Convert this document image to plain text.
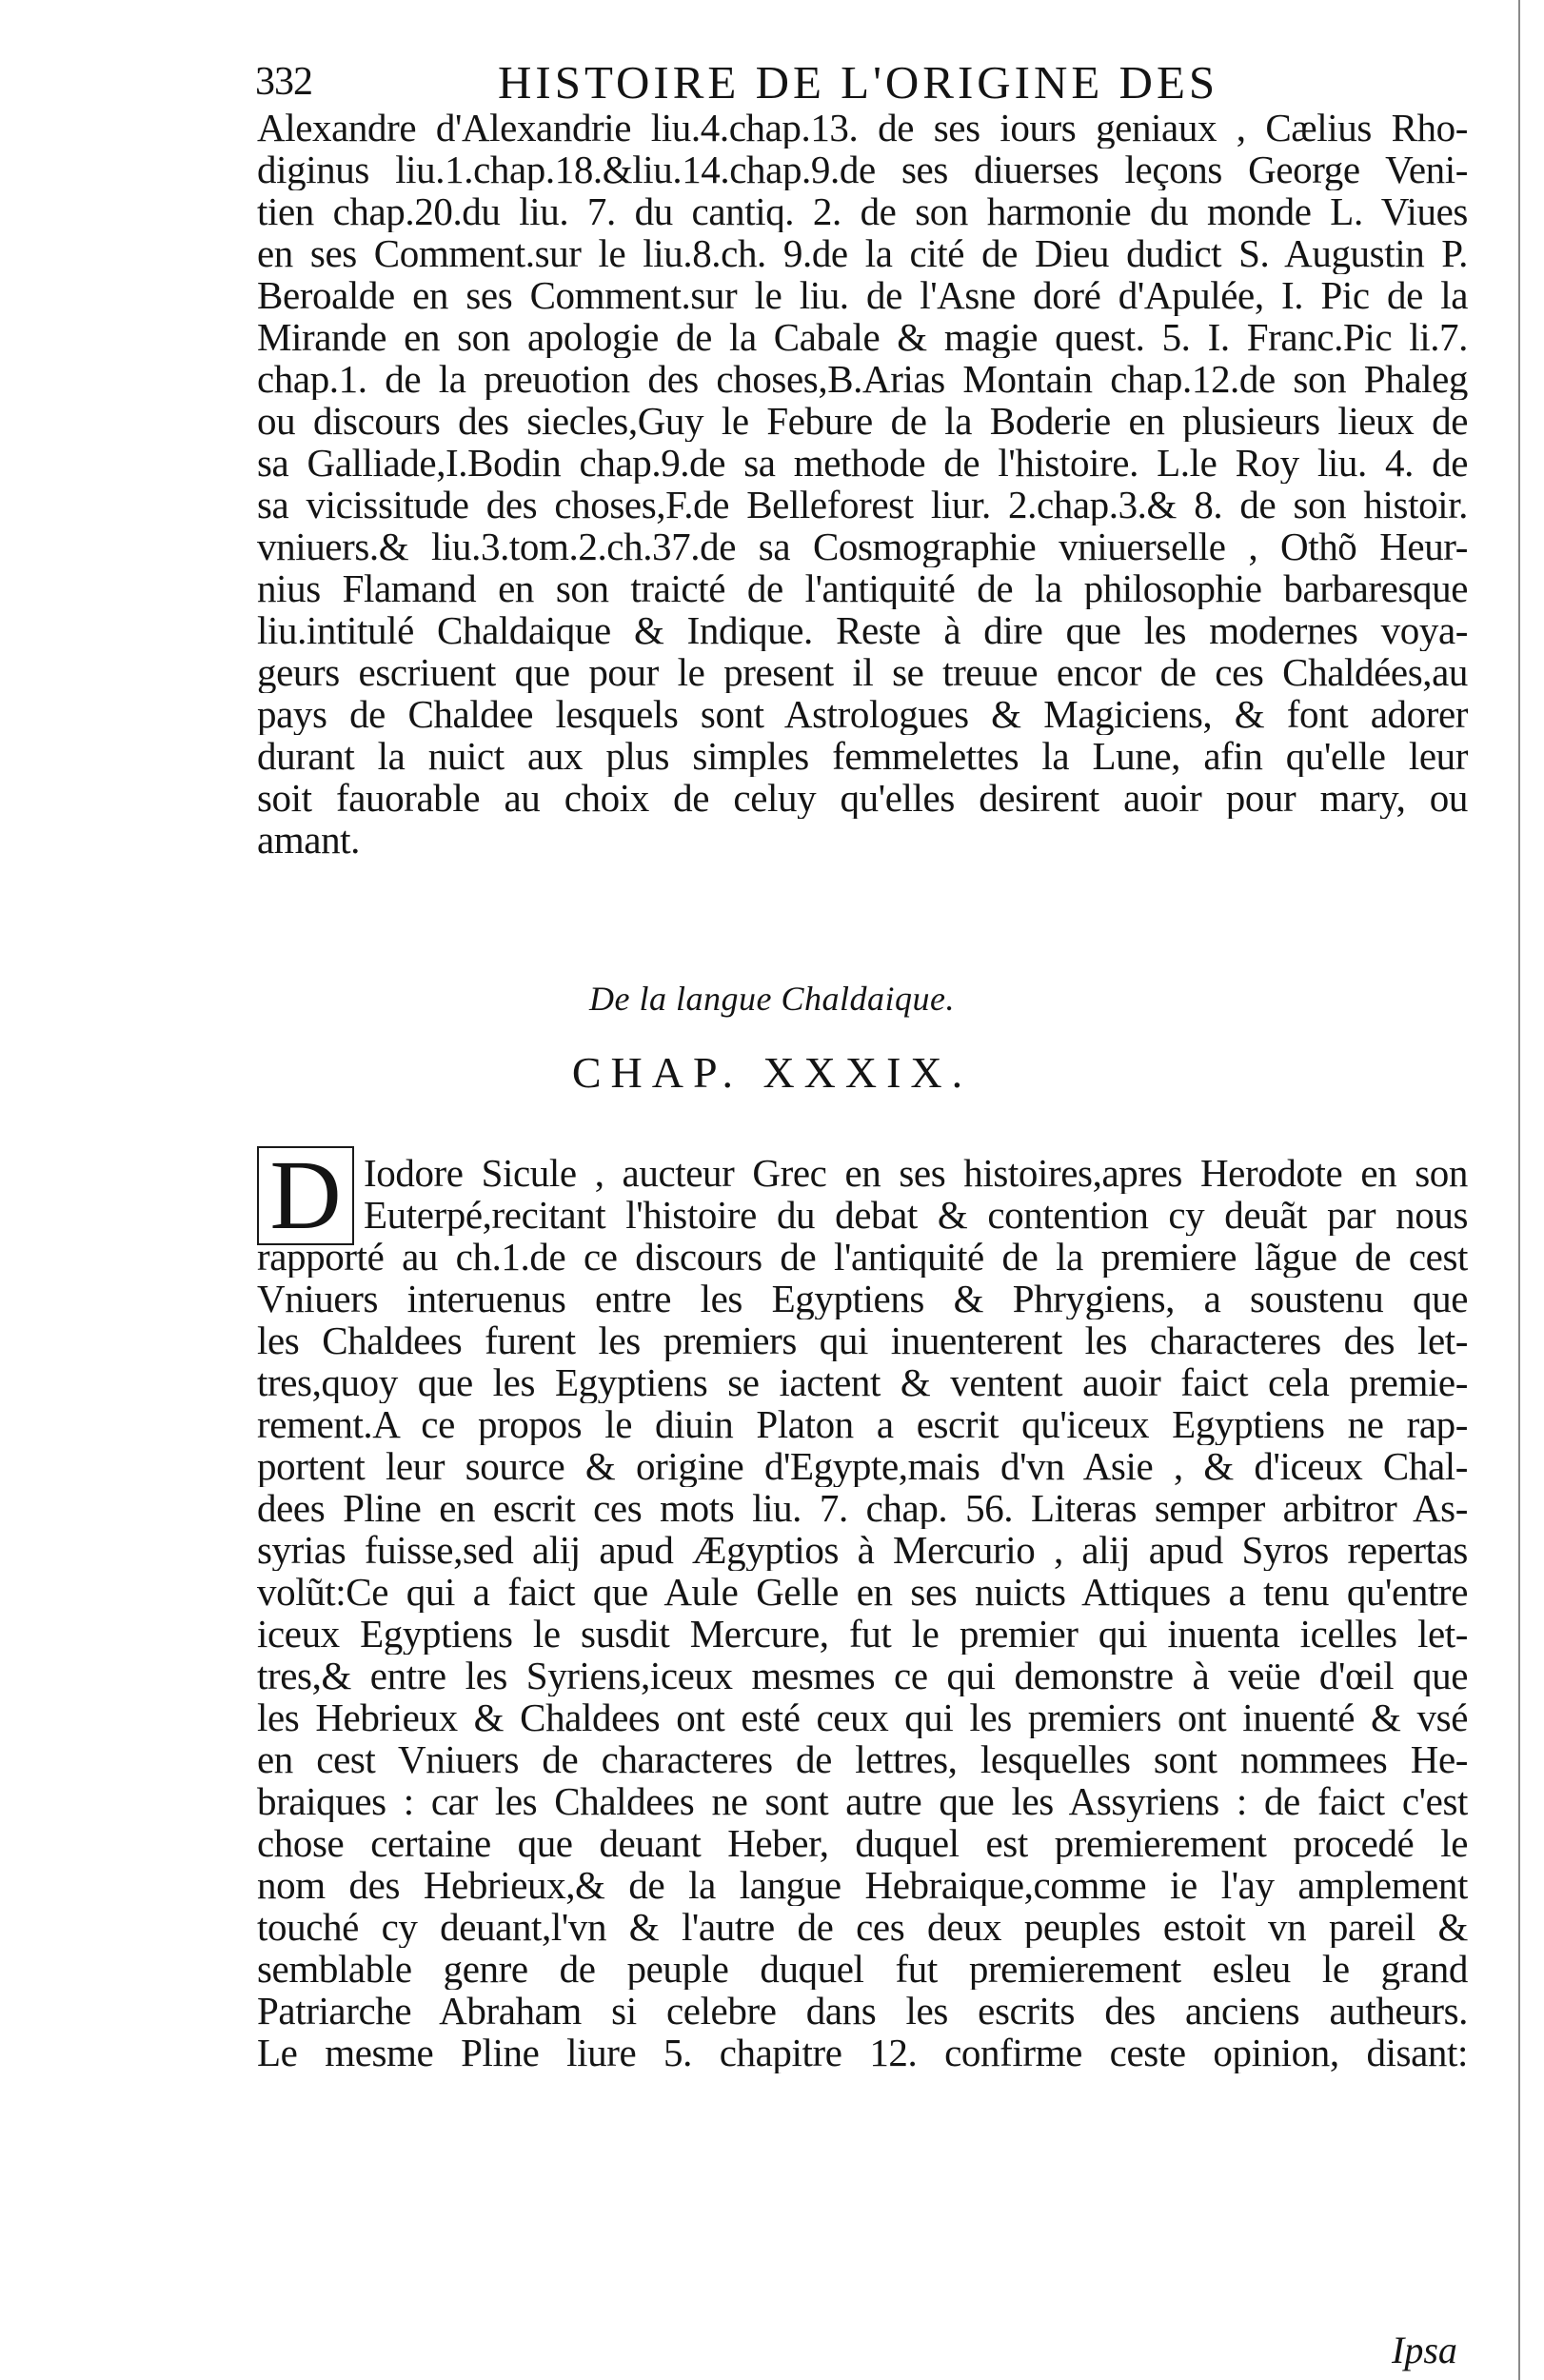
332	HISTOIRE DE L'ORIGINE DES
Alexandre d'Alexandrie liu.4.chap.13. de ses iours geniaux , Cælius Rho-
diginus liu.1.chap.18.&liu.14.chap.9.de ses diuerses leçons George Veni-
tien chap.20.du liu. 7. du cantiq. 2. de son harmonie du monde L. Viues
en ses Comment.sur le liu.8.ch. 9.de la cité de Dieu dudict S. Augustin P.
Beroalde en ses Comment.sur le liu. de l'Asne doré d'Apulée, I. Pic de la
Mirande en son apologie de la Cabale & magie quest. 5. I. Franc.Pic li.7.
chap.1. de la preuotion des choses,B.Arias Montain chap.12.de son Phaleg
ou discours des siecles,Guy le Febure de la Boderie en plusieurs lieux de
sa Galliade,I.Bodin chap.9.de sa methode de l'histoire. L.le Roy liu. 4. de
sa vicissitude des choses,F.de Belleforest liur. 2.chap.3.& 8. de son histoir.
vniuers.& liu.3.tom.2.ch.37.de sa Cosmographie vniuerselle , Othõ Heur-
nius Flamand en son traicté de l'antiquité de la philosophie barbaresque
liu.intitulé Chaldaique & Indique. Reste à dire que les modernes voya-
geurs escriuent que pour le present il se treuue encor de ces Chaldées,au
pays de Chaldee lesquels sont Astrologues & Magiciens, & font adorer
durant la nuict aux plus simples femmelettes la Lune, afin qu'elle leur
soit fauorable au choix de celuy qu'elles desirent auoir pour mary, ou
amant.
De la langue Chaldaique.
CHAP. XXXIX.
D Iodore Sicule , aucteur Grec en ses histoires,apres Herodote en son
Euterpé,recitant l'histoire du debat & contention cy deuãt par nous
rapporté au ch.1.de ce discours de l'antiquité de la premiere lãgue de cest
Vniuers interuenus entre les Egyptiens & Phrygiens, a soustenu que
les Chaldees furent les premiers qui inuenterent les characteres des let-
tres,quoy que les Egyptiens se iactent & ventent auoir faict cela premie-
rement.A ce propos le diuin Platon a escrit qu'iceux Egyptiens ne rap-
portent leur source & origine d'Egypte,mais d'vn Asie , & d'iceux Chal-
dees Pline en escrit ces mots liu. 7. chap. 56. Literas semper arbitror As-
syrias fuisse,sed alij apud Ægyptios à Mercurio , alij apud Syros repertas
volũt:Ce qui a faict que Aule Gelle en ses nuicts Attiques a tenu qu'entre
iceux Egyptiens le susdit Mercure, fut le premier qui inuenta icelles let-
tres,& entre les Syriens,iceux mesmes ce qui demonstre à veüe d'œil que
les Hebrieux & Chaldees ont esté ceux qui les premiers ont inuenté & vsé
en cest Vniuers de characteres de lettres, lesquelles sont nommees He-
braiques : car les Chaldees ne sont autre que les Assyriens : de faict c'est
chose certaine que deuant Heber, duquel est premierement procedé le
nom des Hebrieux,& de la langue Hebraique,comme ie l'ay amplement
touché cy deuant,l'vn & l'autre de ces deux peuples estoit vn pareil &
semblable genre de peuple duquel fut premierement esleu le grand
Patriarche Abraham si celebre dans les escrits des anciens autheurs.
Le mesme Pline liure 5. chapitre 12. confirme ceste opinion, disant:
Ipsa
